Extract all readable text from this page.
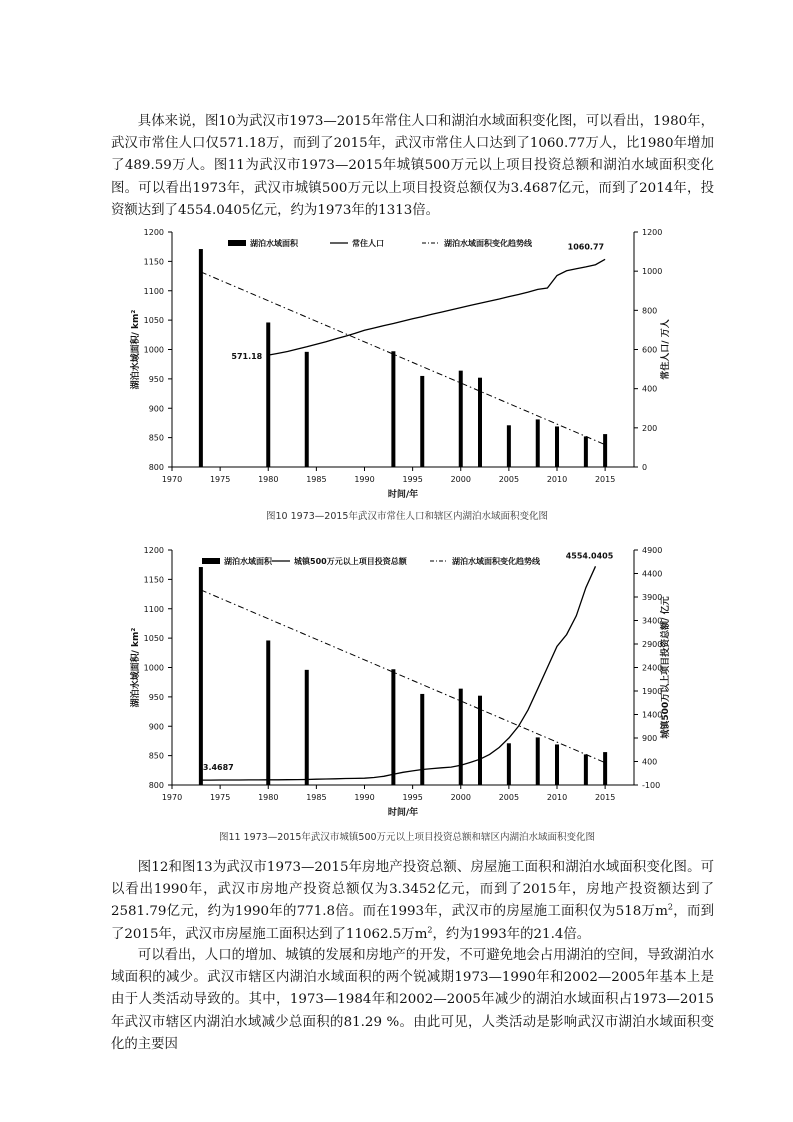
具体来说，图10为武汉市1973—2015年常住人口和湖泊水域面积变化图，可以看出，1980年，武汉市常住人口仅571.18万，而到了2015年，武汉市常住人口达到了1060.77万人，比1980年增加了489.59万人。图11为武汉市1973—2015年城镇500万元以上项目投资总额和湖泊水域面积变化图。可以看出1973年，武汉市城镇500万元以上项目投资总额仅为3.4687亿元，而到了2014年，投资额达到了4554.0405亿元，约为1973年的1313倍。

1970	1975	1980	1985	1990	1995	2000	2005	2010	2015
800
850
900
950
1000
1050
1100
1150
1200
0
200
400
600
800
1000
1200
时间/年
湖泊水域面积/ km²	常住人口/ 万人
571.18
1060.77
湖泊水域面积	常住人口	湖泊水域面积变化趋势线
图10 1973—2015年武汉市常住人口和辖区内湖泊水域面积变化图
1970	1975	1980	1985	1990	1995	2000	2005	2010	2015
800
850
900
950
1000
1050
1100
1150
1200
-100
400
900
1400
1900
2400
2900
3400
3900
4400
4900
时间/年
湖泊水域面积/ km²	城镇500万以上项目投资总额/ 亿元
3.4687
4554.0405
湖泊水域面积	城镇500万元以上项目投资总额	湖泊水域面积变化趋势线
图11 1973—2015年武汉市城镇500万元以上项目投资总额和辖区内湖泊水域面积变化图

图12和图13为武汉市1973—2015年房地产投资总额、房屋施工面积和湖泊水域面积变化图。可以看出1990年，武汉市房地产投资总额仅为3.3452亿元，而到了2015年，房地产投资额达到了2581.79亿元，约为1990年的771.8倍。而在1993年，武汉市的房屋施工面积仅为518万$m^2$，而到了2015年，武汉市房屋施工面积达到了11062.5万$m^2$，约为1993年的21.4倍。

可以看出，人口的增加、城镇的发展和房地产的开发，不可避免地会占用湖泊的空间，导致湖泊水域面积的减少。武汉市辖区内湖泊水域面积的两个锐减期1973—1990年和2002—2005年基本上是由于人类活动导致的。其中，1973—1984年和2002—2005年减少的湖泊水域面积占1973—2015年武汉市辖区内湖泊水域减少总面积的81.29 %。由此可见，人类活动是影响武汉市湖泊水域面积变化的主要因
